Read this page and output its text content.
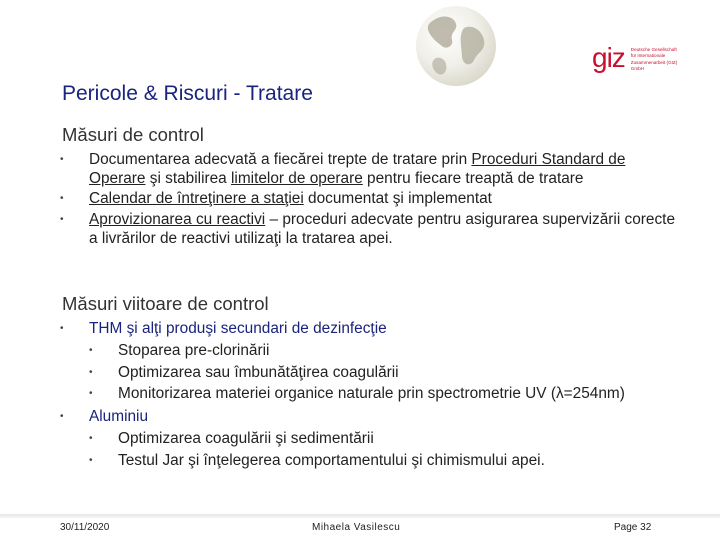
giz Deutsche Gesellschaft
für Internationale
Zusammenarbeit (GIZ) GmbH
Pericole & Riscuri - Tratare
Măsuri de control
•	Documentarea adecvată a fiecărei trepte de tratare prin Proceduri Standard de Operare şi stabilirea limitelor de operare pentru fiecare treaptă de tratare
•	Calendar de întreţinere a staţiei documentat şi implementat
•	Aprovizionarea cu reactivi – proceduri adecvate pentru asigurarea supervizării corecte a livrărilor de reactivi utilizaţi la tratarea apei.
Măsuri viitoare de control
•	THM şi alţi produşi secundari de dezinfecţie
•	Stoparea pre-clorinării
•	Optimizarea sau îmbunătăţirea coagulării
•	Monitorizarea materiei organice naturale prin spectrometrie UV (λ=254nm)
•	Aluminiu
•	Optimizarea coagulării şi sedimentării
•	Testul Jar şi înţelegerea comportamentului şi chimismului apei.
30/11/2020	Mihaela Vasilescu	Page 32
